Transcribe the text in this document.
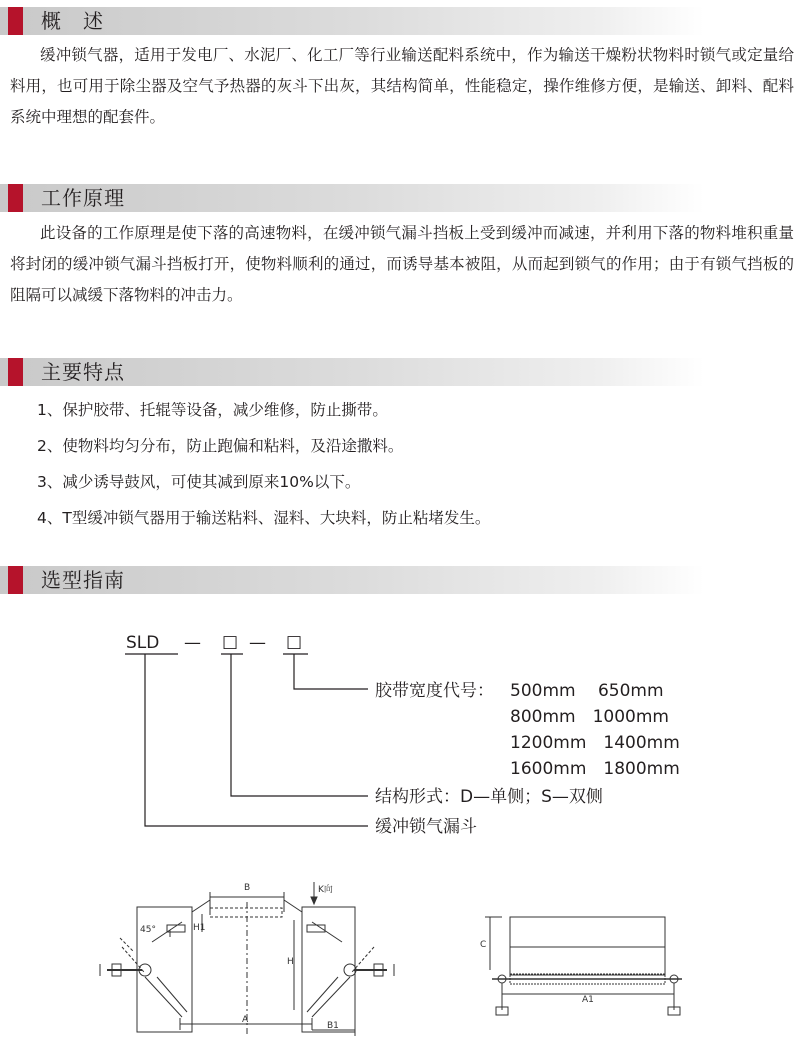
概　述

缓冲锁气器，适用于发电厂、水泥厂、化工厂等行业输送配料系统中，作为输送干燥粉状物料时锁气或定量给料用，也可用于除尘器及空气予热器的灰斗下出灰，其结构简单，性能稳定，操作维修方便，是输送、卸料、配料系统中理想的配套件。

工作原理

此设备的工作原理是使下落的高速物料，在缓冲锁气漏斗挡板上受到缓冲而减速，并利用下落的物料堆积重量将封闭的缓冲锁气漏斗挡板打开，使物料顺利的通过，而诱导基本被阻，从而起到锁气的作用；由于有锁气挡板的阻隔可以减缓下落物料的冲击力。

主要特点
1、保护胶带、托辊等设备，减少维修，防止撕带。
2、使物料均匀分布，防止跑偏和粘料，及沿途撒料。
3、减少诱导鼓风，可使其减到原来10%以下。
4、T型缓冲锁气器用于输送粘料、湿料、大块料，防止粘堵发生。
选型指南
SLD — □ — □
胶带宽度代号： 500mm　 650mm
800mm　1000mm
1200mm　1400mm
1600mm　1800mm
结构形式：D—单侧；S—双侧
缓冲锁气漏斗
B	K向
H1
H
45°
A
B1
C
A1
